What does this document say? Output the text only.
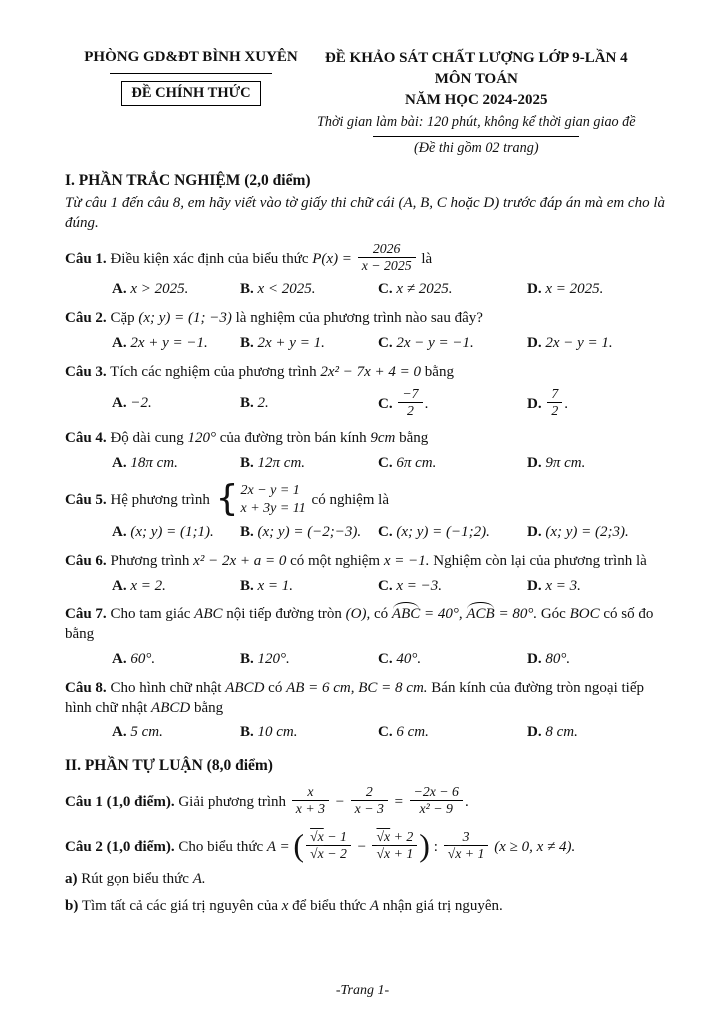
PHÒNG GD&ĐT BÌNH XUYÊN
ĐỀ CHÍNH THỨC
ĐỀ KHẢO SÁT CHẤT LƯỢNG LỚP 9-LẦN 4
MÔN TOÁN
NĂM HỌC 2024-2025
Thời gian làm bài: 120 phút, không kể thời gian giao đề
(Đề thi gồm 02 trang)
I. PHẦN TRẮC NGHIỆM (2,0 điểm)
Từ câu 1 đến câu 8, em hãy viết vào tờ giấy thi chữ cái (A, B, C hoặc D) trước đáp án mà em cho là đúng.
Câu 1. Điều kiện xác định của biểu thức $P(x) = \frac{2026}{x - 2025}$ là
A. x > 2025.	B. x < 2025.	C. x ≠ 2025.	D. x = 2025.
Câu 2. Cặp (x; y) = (1; −3) là nghiệm của phương trình nào sau đây?
A. 2x + y = −1.	B. 2x + y = 1.	C. 2x − y = −1.	D. 2x − y = 1.
Câu 3. Tích các nghiệm của phương trình 2x² − 7x + 4 = 0 bằng
A. −2.	B. 2.	C. $\frac{-7}{2}$ .	D. $\frac{7}{2}$ .
Câu 4. Độ dài cung 120° của đường tròn bán kính 9cm bằng
A. 18π cm.	B. 12π cm.	C. 6π cm.	D. 9π cm.
Câu 5. Hệ phương trình { 2x − y = 1
x + 3y = 11
có nghiệm là
A. (x; y) = (1;1).	B. (x; y) = (−2;−3).	C. (x; y) = (−1;2).	D. (x; y) = (2;3).
Câu 6. Phương trình x² − 2x + a = 0 có một nghiệm x = −1. Nghiệm còn lại của phương trình là
A. x = 2.	B. x = 1.	C. x = −3.	D. x = 3.
Câu 7. Cho tam giác ABC nội tiếp đường tròn (O), có ABC = 40°, ACB = 80°. Góc BOC có số đo bằng
A. 60°.	B. 120°.	C. 40°.	D. 80°.
Câu 8. Cho hình chữ nhật ABCD có AB = 6 cm, BC = 8 cm. Bán kính của đường tròn ngoại tiếp hình chữ nhật ABCD bằng
A. 5 cm.	B. 10 cm.	C. 6 cm.	D. 8 cm.
II. PHẦN TỰ LUẬN (8,0 điểm)
Câu 1 (1,0 điểm). Giải phương trình $\frac{x}{x + 3} - \frac{2}{x - 3} = \frac{-2x - 6}{\text{x² − 9}}$ .
Câu 2 (1,0 điểm). Cho biểu thức A = ( $\frac{√x - 1}{√x - 2} - \frac{√x + 2}{√x + 1}$ ) : $\frac{3}{√x + 1} (x \ge 0$, x ≠ 4).
a) Rút gọn biểu thức A.
b) Tìm tất cả các giá trị nguyên của x để biểu thức A nhận giá trị nguyên.
-Trang 1-
